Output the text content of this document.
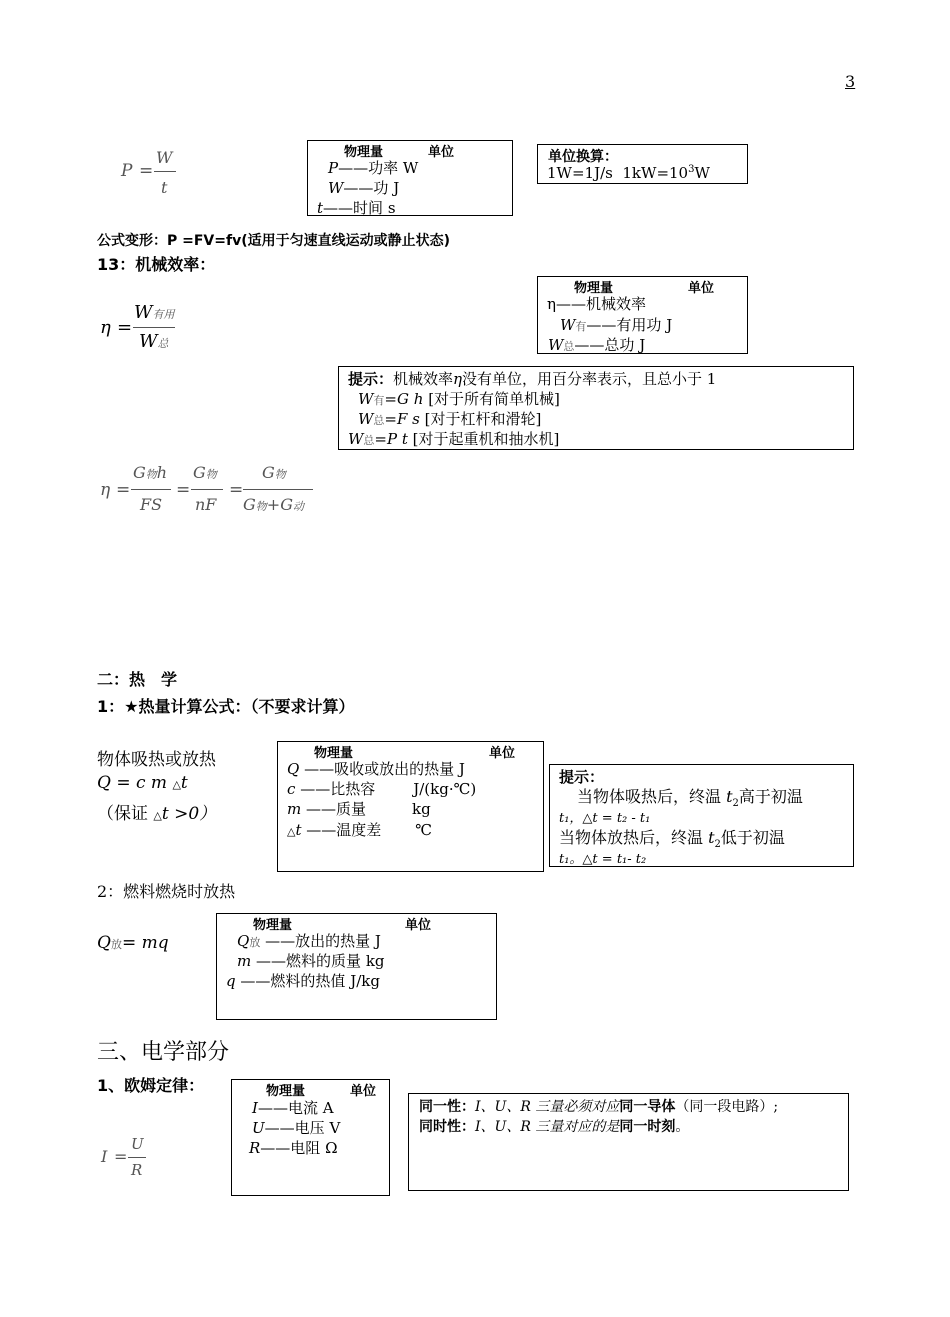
3
P =
W
t
物理量	单位
P——功率 W
W——功 J
t——时间 s
单位换算：
1W=1J/s $1kW=10^3W$
公式变形：P =FV=fv(适用于匀速直线运动或静止状态)
13：机械效率：
η =
W有用
W总
物理量	单位
η——机械效率
W有——有用功 J
W总——总功 J
提示：机械效率η没有单位，用百分率表示，且总小于 1
W有=G h [对于所有简单机械]
W总=F s [对于杠杆和滑轮]
W总=P t [对于起重机和抽水机]
η =
G物h
FS
=
G物
nF
=
G物
G物+G动
二：热　学
1：★热量计算公式：（不要求计算）
物体吸热或放热
Q = c m △t
（保证 △t >0）
物理量	单位
Q ——吸收或放出的热量 J
c ——比热容	J/(kg·℃)
m ——质量	kg
△t ——温度差 ℃
提示：
当物体吸热后，终温 $t_2$高于初温
t₁，△t = t₂ - t₁
当物体放热后，终温 $t_2$低于初温
t₁。△t = t₁- t₂
2：燃料燃烧时放热
Q放= mq
物理量	单位
Q放 ——放出的热量 J
m ——燃料的质量 kg
q ——燃料的热值 J/kg
三、电学部分
1、欧姆定律：
I =
U
R
物理量	单位
I——电流 A
U——电压 V
R——电阻 Ω
同一性：I、U、R 三量必须对应同一导体（同一段电路）;
同时性：I、U、R 三量对应的是同一时刻。
